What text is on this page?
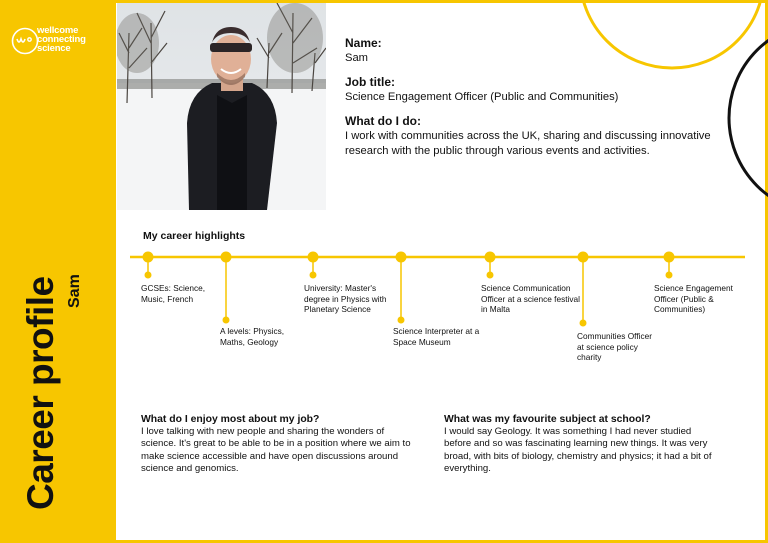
wellcome
connecting
science
Career profile Sam
Name:
Sam
Job title:
Science Engagement Officer (Public and Communities)
What do I do:
I work with communities across the UK, sharing and discussing innovative research with the public through various events and activities.
My career highlights
GCSEs: Science, Music, French
A levels: Physics, Maths, Geology
University: Master's degree in Physics with Planetary Science
Science Interpreter at a Space Museum
Science Communication Officer at a science festival in Malta
Communities Officer at science policy charity
Science Engagement Officer (Public & Communities)
What do I enjoy most about my job?
I love talking with new people and sharing the wonders of science. It's great to be able to be in a position where we aim to make science accessible and have open discussions around science and genomics.
What was my favourite subject at school?
I would say Geology. It was something I had never studied before and so was fascinating learning new things. It was very broad, with bits of biology, chemistry and physics; it had a bit of everything.
